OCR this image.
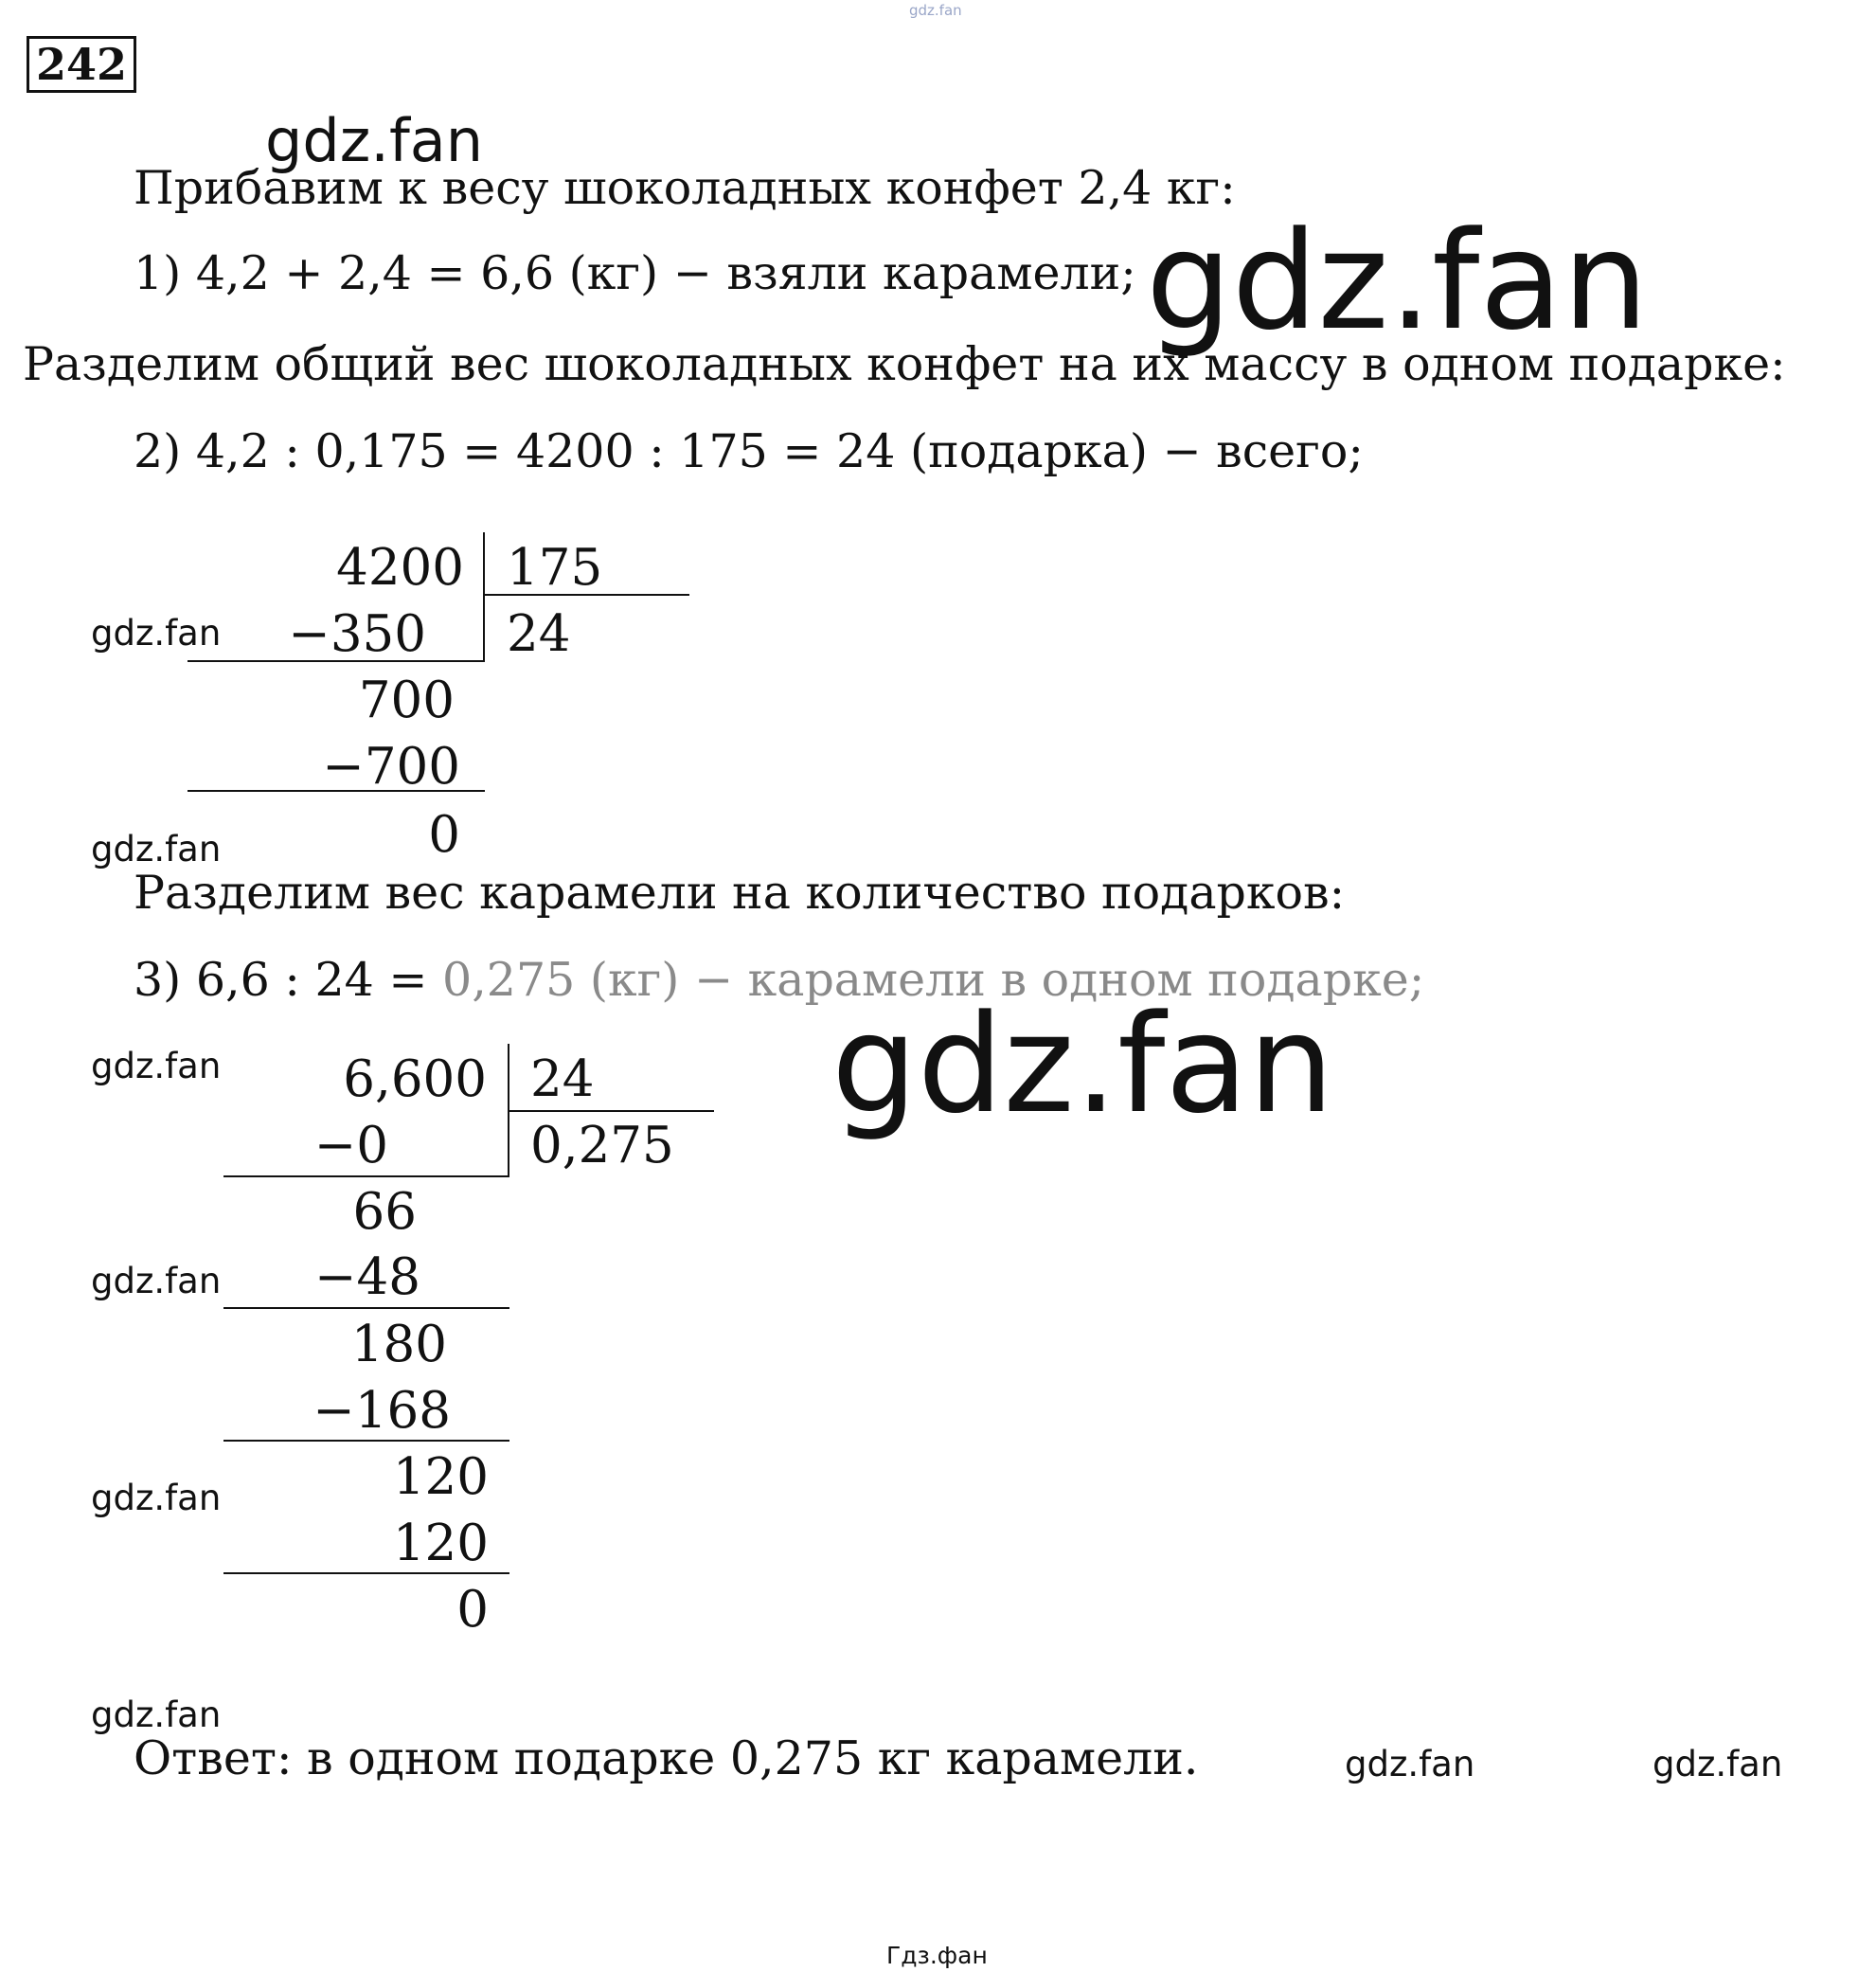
gdz.fan
242
gdz.fan
gdz.fan
gdz.fan
gdz.fan
gdz.fan
gdz.fan
gdz.fan
gdz.fan
gdz.fan
gdz.fan	gdz.fan
Гдз.фан
Прибавим к весу шоколадных конфет 2,4 кг:
1) 4,2 + 2,4 = 6,6 (кг) − взяли карамели;
Разделим общий вес шоколадных конфет на их массу в одном подарке:
2) 4,2 : 0,175 = 4200 : 175 = 24 (подарка) − всего;
4200 175
24
−350
700
−700
0
Разделим вес карамели на количество подарков:
3) 6,6 : 24 = 0,275 (кг) − карамели в одном подарке;
6,600 24
0,275
−0
66
−48
180
−168
120
120
0
Ответ: в одном подарке 0,275 кг карамели.
